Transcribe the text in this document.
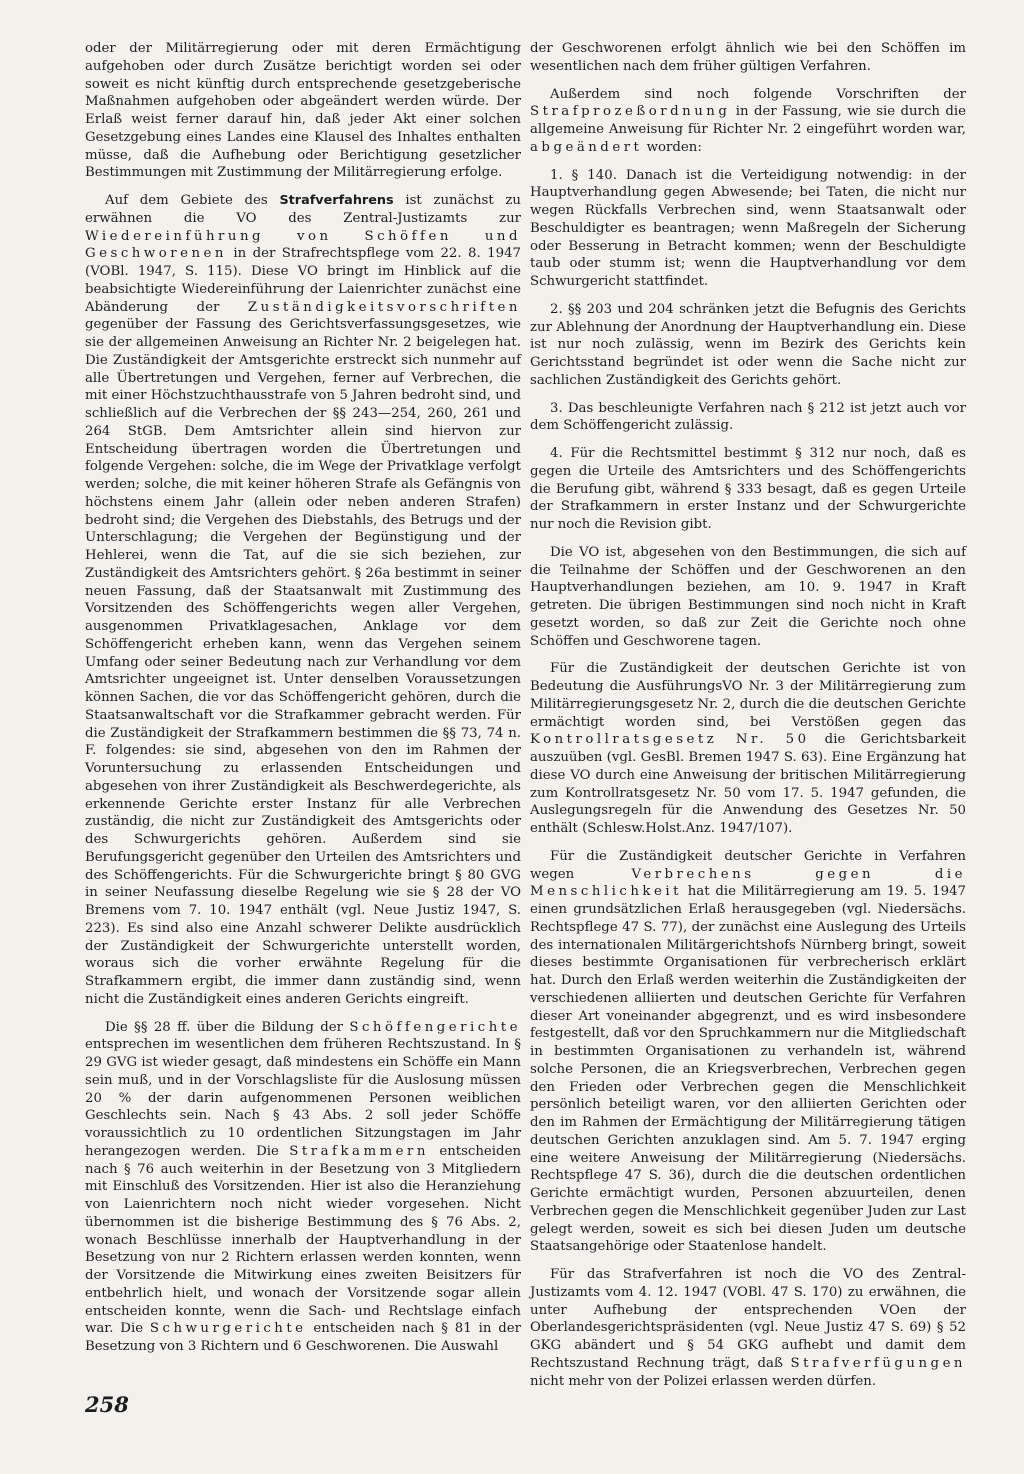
oder der Militärregierung oder mit deren Ermächtigung aufgehoben oder durch Zusätze berichtigt worden sei oder soweit es nicht künftig durch entsprechende gesetzgeberische Maßnahmen aufgehoben oder abgeändert werden würde. Der Erlaß weist ferner darauf hin, daß jeder Akt einer solchen Gesetzgebung eines Landes eine Klausel des Inhaltes enthalten müsse, daß die Aufhebung oder Berichtigung gesetzlicher Bestimmungen mit Zustimmung der Militärregierung erfolge.

Auf dem Gebiete des Strafverfahrens ist zunächst zu erwähnen die VO des Zentral-Justizamts zur Wiedereinführung von Schöffen und Geschworenen in der Strafrechtspflege vom 22. 8. 1947 (VOBl. 1947, S. 115). Diese VO bringt im Hinblick auf die beabsichtigte Wiedereinführung der Laienrichter zunächst eine Abänderung der Zuständigkeitsvorschriften gegenüber der Fassung des Gerichtsverfassungsgesetzes, wie sie der allgemeinen Anweisung an Richter Nr. 2 beigelegen hat. Die Zuständigkeit der Amtsgerichte erstreckt sich nunmehr auf alle Übertretungen und Vergehen, ferner auf Verbrechen, die mit einer Höchstzuchthausstrafe von 5 Jahren bedroht sind, und schließlich auf die Verbrechen der §§ 243—254, 260, 261 und 264 StGB. Dem Amtsrichter allein sind hiervon zur Entscheidung übertragen worden die Übertretungen und folgende Vergehen: solche, die im Wege der Privatklage verfolgt werden; solche, die mit keiner höheren Strafe als Gefängnis von höchstens einem Jahr (allein oder neben anderen Strafen) bedroht sind; die Vergehen des Diebstahls, des Betrugs und der Unterschlagung; die Vergehen der Begünstigung und der Hehlerei, wenn die Tat, auf die sie sich beziehen, zur Zuständigkeit des Amtsrichters gehört. § 26a bestimmt in seiner neuen Fassung, daß der Staatsanwalt mit Zustimmung des Vorsitzenden des Schöffengerichts wegen aller Vergehen, ausgenommen Privatklagesachen, Anklage vor dem Schöffengericht erheben kann, wenn das Vergehen seinem Umfang oder seiner Bedeutung nach zur Verhandlung vor dem Amtsrichter ungeeignet ist. Unter denselben Voraussetzungen können Sachen, die vor das Schöffengericht gehören, durch die Staatsanwaltschaft vor die Strafkammer gebracht werden. Für die Zuständigkeit der Strafkammern bestimmen die §§ 73, 74 n. F. folgendes: sie sind, abgesehen von den im Rahmen der Voruntersuchung zu erlassenden Entscheidungen und abgesehen von ihrer Zuständigkeit als Beschwerdegerichte, als erkennende Gerichte erster Instanz für alle Verbrechen zuständig, die nicht zur Zuständigkeit des Amtsgerichts oder des Schwurgerichts gehören. Außerdem sind sie Berufungsgericht gegenüber den Urteilen des Amtsrichters und des Schöffengerichts. Für die Schwurgerichte bringt § 80 GVG in seiner Neufassung dieselbe Regelung wie sie § 28 der VO Bremens vom 7. 10. 1947 enthält (vgl. Neue Justiz 1947, S. 223). Es sind also eine Anzahl schwerer Delikte ausdrücklich der Zuständigkeit der Schwurgerichte unterstellt worden, woraus sich die vorher erwähnte Regelung für die Strafkammern ergibt, die immer dann zuständig sind, wenn nicht die Zuständigkeit eines anderen Gerichts eingreift.

Die §§ 28 ff. über die Bildung der Schöffengerichte entsprechen im wesentlichen dem früheren Rechtszustand. In § 29 GVG ist wieder gesagt, daß mindestens ein Schöffe ein Mann sein muß, und in der Vorschlagsliste für die Auslosung müssen 20 % der darin aufgenommenen Personen weiblichen Geschlechts sein. Nach § 43 Abs. 2 soll jeder Schöffe voraussichtlich zu 10 ordentlichen Sitzungstagen im Jahr herangezogen werden. Die Strafkammern entscheiden nach § 76 auch weiterhin in der Besetzung von 3 Mitgliedern mit Einschluß des Vorsitzenden. Hier ist also die Heranziehung von Laienrichtern noch nicht wieder vorgesehen. Nicht übernommen ist die bisherige Bestimmung des § 76 Abs. 2, wonach Beschlüsse innerhalb der Hauptverhandlung in der Besetzung von nur 2 Richtern erlassen werden konnten, wenn der Vorsitzende die Mitwirkung eines zweiten Beisitzers für entbehrlich hielt, und wonach der Vorsitzende sogar allein entscheiden konnte, wenn die Sach- und Rechtslage einfach war. Die Schwurgerichte entscheiden nach § 81 in der Besetzung von 3 Richtern und 6 Geschworenen. Die Auswahl

der Geschworenen erfolgt ähnlich wie bei den Schöffen im wesentlichen nach dem früher gültigen Verfahren.

Außerdem sind noch folgende Vorschriften der Strafprozeßordnung in der Fassung, wie sie durch die allgemeine Anweisung für Richter Nr. 2 eingeführt worden war, abgeändert worden:

1. § 140. Danach ist die Verteidigung notwendig: in der Hauptverhandlung gegen Abwesende; bei Taten, die nicht nur wegen Rückfalls Verbrechen sind, wenn Staatsanwalt oder Beschuldigter es beantragen; wenn Maßregeln der Sicherung oder Besserung in Betracht kommen; wenn der Beschuldigte taub oder stumm ist; wenn die Hauptverhandlung vor dem Schwurgericht stattfindet.

2. §§ 203 und 204 schränken jetzt die Befugnis des Gerichts zur Ablehnung der Anordnung der Hauptverhandlung ein. Diese ist nur noch zulässig, wenn im Bezirk des Gerichts kein Gerichtsstand begründet ist oder wenn die Sache nicht zur sachlichen Zuständigkeit des Gerichts gehört.

3. Das beschleunigte Verfahren nach § 212 ist jetzt auch vor dem Schöffengericht zulässig.

4. Für die Rechtsmittel bestimmt § 312 nur noch, daß es gegen die Urteile des Amtsrichters und des Schöffengerichts die Berufung gibt, während § 333 besagt, daß es gegen Urteile der Strafkammern in erster Instanz und der Schwurgerichte nur noch die Revision gibt.

Die VO ist, abgesehen von den Bestimmungen, die sich auf die Teilnahme der Schöffen und der Geschworenen an den Hauptverhandlungen beziehen, am 10. 9. 1947 in Kraft getreten. Die übrigen Bestimmungen sind noch nicht in Kraft gesetzt worden, so daß zur Zeit die Gerichte noch ohne Schöffen und Geschworene tagen.

Für die Zuständigkeit der deutschen Gerichte ist von Bedeutung die AusführungsVO Nr. 3 der Militärregierung zum Militärregierungsgesetz Nr. 2, durch die die deutschen Gerichte ermächtigt worden sind, bei Verstößen gegen das Kontrollratsgesetz Nr. 50 die Gerichtsbarkeit auszuüben (vgl. GesBl. Bremen 1947 S. 63). Eine Ergänzung hat diese VO durch eine Anweisung der britischen Militärregierung zum Kontrollratsgesetz Nr. 50 vom 17. 5. 1947 gefunden, die Auslegungsregeln für die Anwendung des Gesetzes Nr. 50 enthält (Schlesw.Holst.Anz. 1947/107).

Für die Zuständigkeit deutscher Gerichte in Verfahren wegen Verbrechens gegen die Menschlichkeit hat die Militärregierung am 19. 5. 1947 einen grundsätzlichen Erlaß herausgegeben (vgl. Niedersächs. Rechtspflege 47 S. 77), der zunächst eine Auslegung des Urteils des internationalen Militärgerichtshofs Nürnberg bringt, soweit dieses bestimmte Organisationen für verbrecherisch erklärt hat. Durch den Erlaß werden weiterhin die Zuständigkeiten der verschiedenen alliierten und deutschen Gerichte für Verfahren dieser Art voneinander abgegrenzt, und es wird insbesondere festgestellt, daß vor den Spruchkammern nur die Mitgliedschaft in bestimmten Organisationen zu verhandeln ist, während solche Personen, die an Kriegsverbrechen, Verbrechen gegen den Frieden oder Verbrechen gegen die Menschlichkeit persönlich beteiligt waren, vor den alliierten Gerichten oder den im Rahmen der Ermächtigung der Militärregierung tätigen deutschen Gerichten anzuklagen sind. Am 5. 7. 1947 erging eine weitere Anweisung der Militärregierung (Niedersächs. Rechtspflege 47 S. 36), durch die die deutschen ordentlichen Gerichte ermächtigt wurden, Personen abzuurteilen, denen Verbrechen gegen die Menschlichkeit gegenüber Juden zur Last gelegt werden, soweit es sich bei diesen Juden um deutsche Staatsangehörige oder Staatenlose handelt.

Für das Strafverfahren ist noch die VO des Zentral-Justizamts vom 4. 12. 1947 (VOBl. 47 S. 170) zu erwähnen, die unter Aufhebung der entsprechenden VOen der Oberlandesgerichtspräsidenten (vgl. Neue Justiz 47 S. 69) § 52 GKG abändert und § 54 GKG aufhebt und damit dem Rechtszustand Rechnung trägt, daß Strafverfügungen nicht mehr von der Polizei erlassen werden dürfen.

258
